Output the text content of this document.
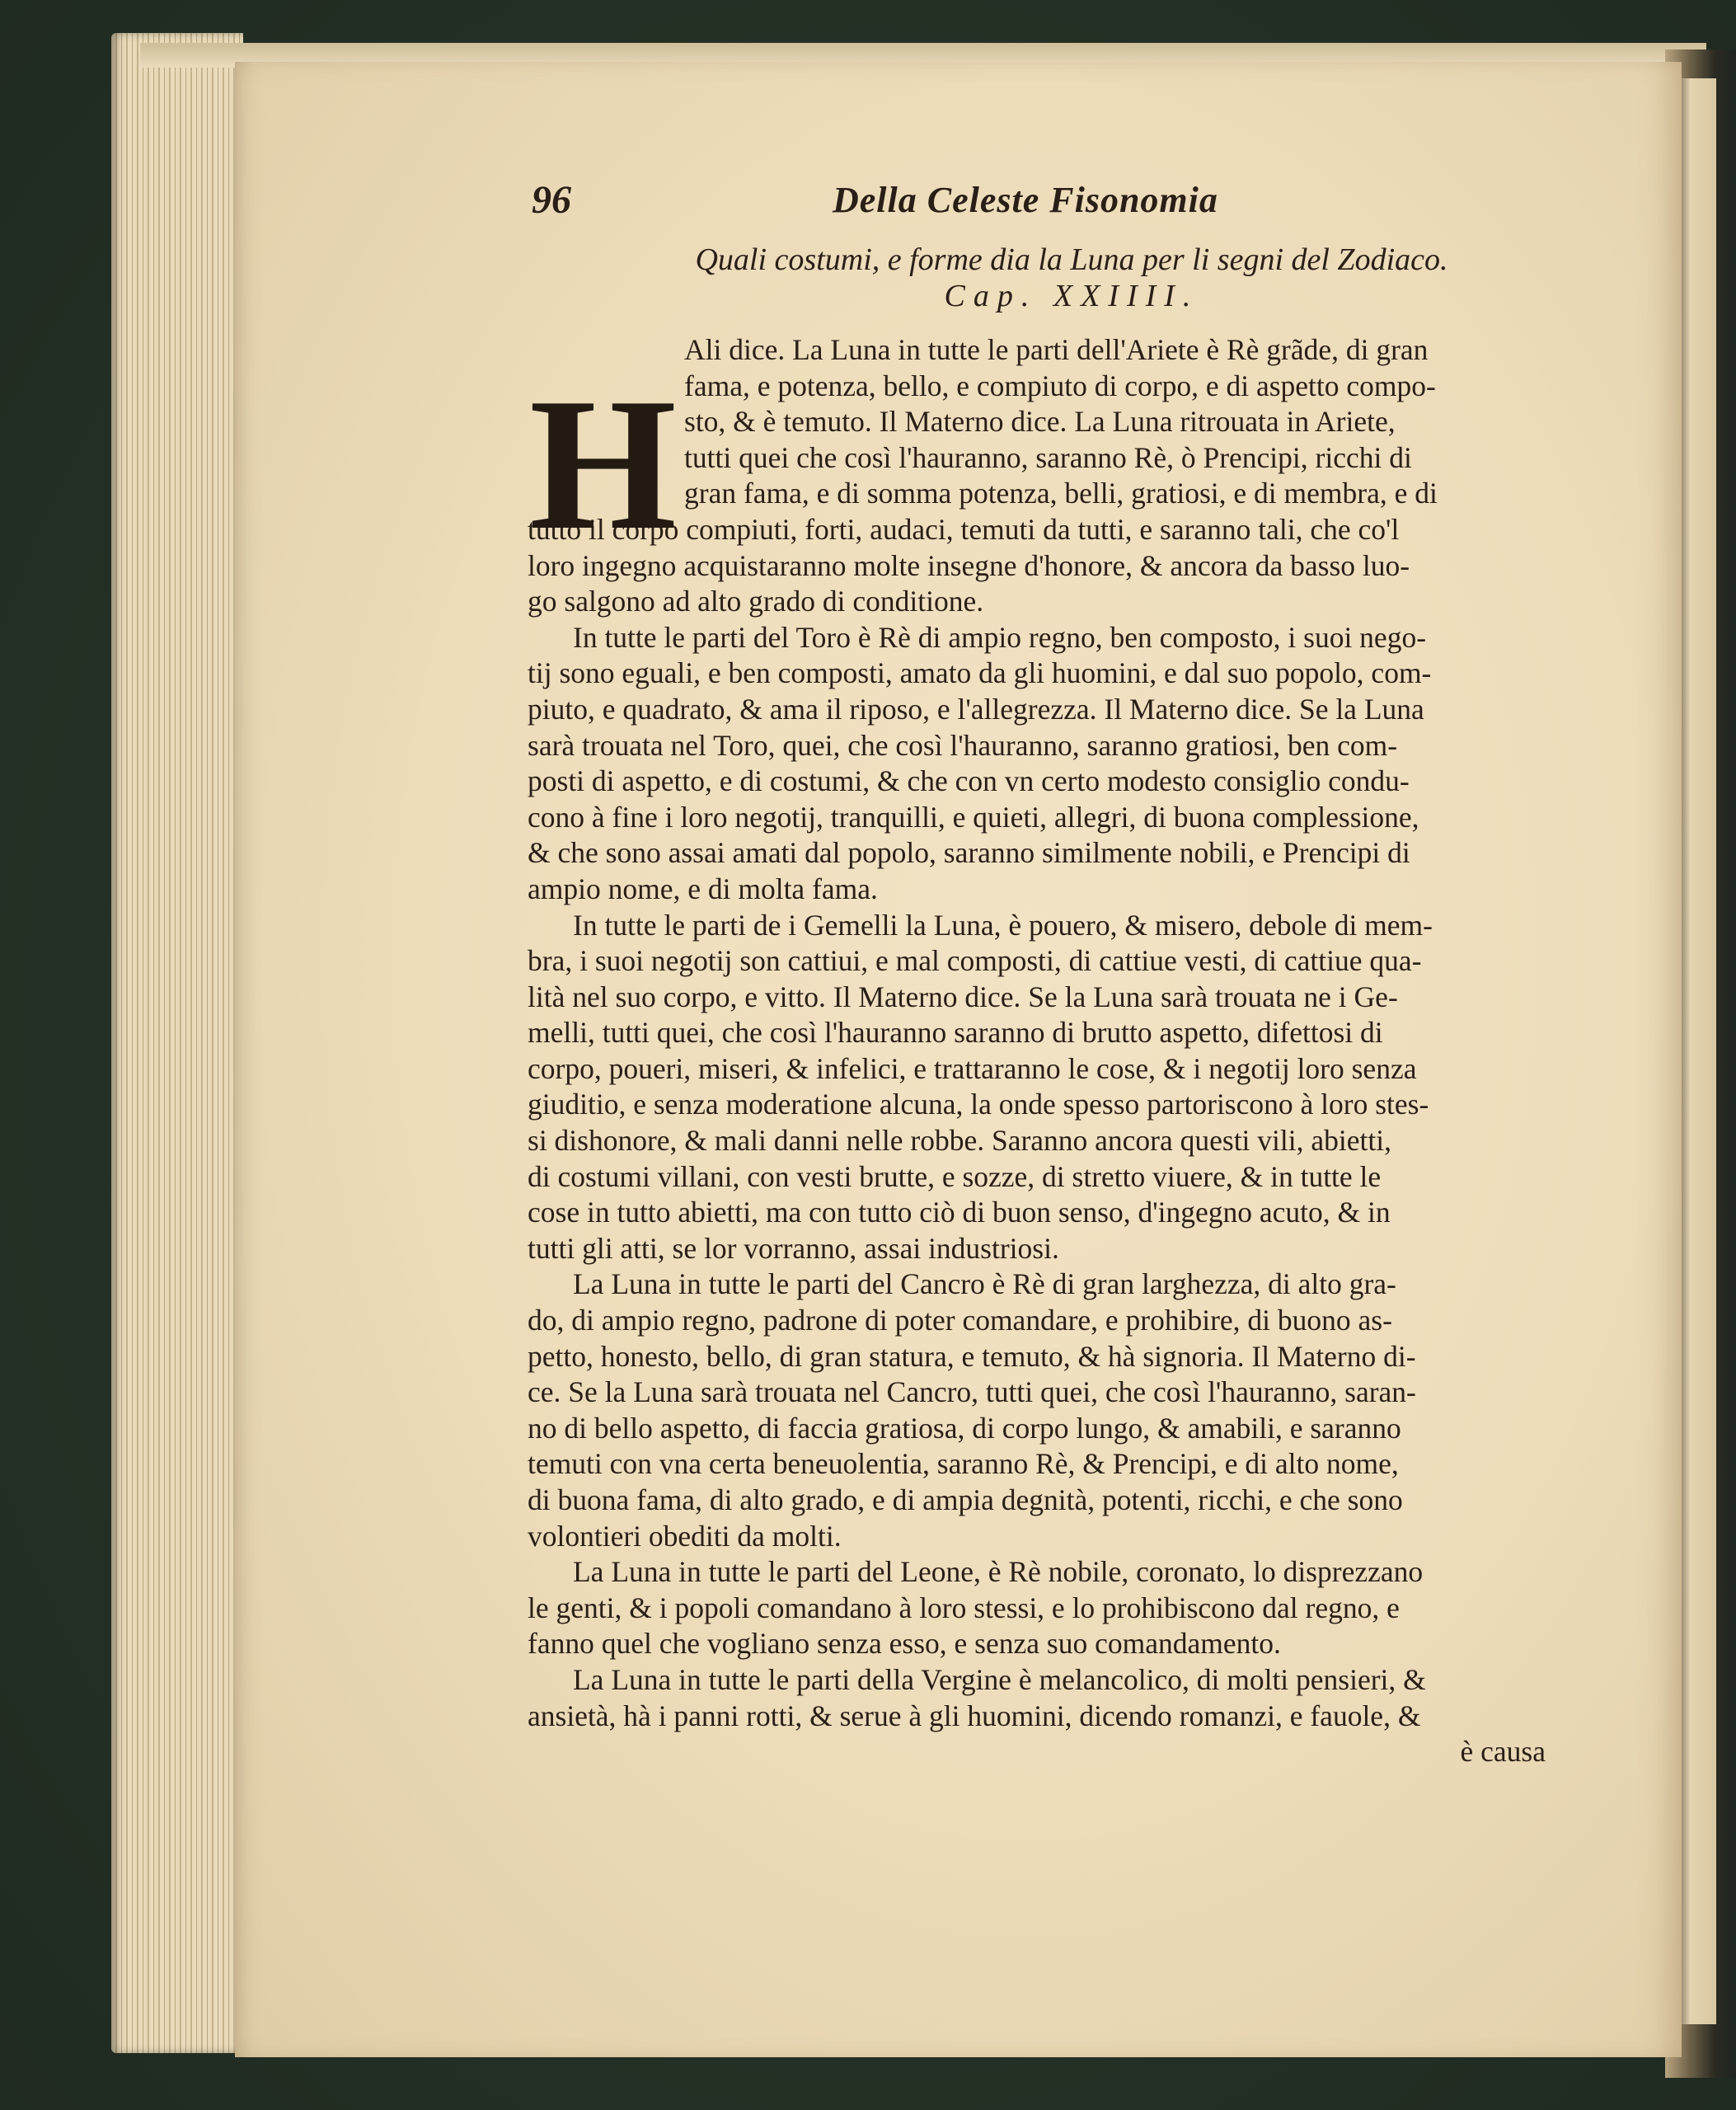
96	Della Celeste Fisonomia
Quali costumi, e forme dia la Luna per li segni del Zodiaco.
Cap. XXIIII.
H
Ali dice. La Luna in tutte le parti dell'Ariete è Rè grãde, di gran
fama, e potenza, bello, e compiuto di corpo, e di aspetto compo-
sto, & è temuto. Il Materno dice. La Luna ritrouata in Ariete,
tutti quei che così l'hauranno, saranno Rè, ò Prencipi, ricchi di
gran fama, e di somma potenza, belli, gratiosi, e di membra, e di
tutto il corpo compiuti, forti, audaci, temuti da tutti, e saranno tali, che co'l
loro ingegno acquistaranno molte insegne d'honore, & ancora da basso luo-
go salgono ad alto grado di conditione.
In tutte le parti del Toro è Rè di ampio regno, ben composto, i suoi nego-
tij sono eguali, e ben composti, amato da gli huomini, e dal suo popolo, com-
piuto, e quadrato, & ama il riposo, e l'allegrezza. Il Materno dice. Se la Luna
sarà trouata nel Toro, quei, che così l'hauranno, saranno gratiosi, ben com-
posti di aspetto, e di costumi, & che con vn certo modesto consiglio condu-
cono à fine i loro negotij, tranquilli, e quieti, allegri, di buona complessione,
& che sono assai amati dal popolo, saranno similmente nobili, e Prencipi di
ampio nome, e di molta fama.
In tutte le parti de i Gemelli la Luna, è pouero, & misero, debole di mem-
bra, i suoi negotij son cattiui, e mal composti, di cattiue vesti, di cattiue qua-
lità nel suo corpo, e vitto. Il Materno dice. Se la Luna sarà trouata ne i Ge-
melli, tutti quei, che così l'hauranno saranno di brutto aspetto, difettosi di
corpo, poueri, miseri, & infelici, e trattaranno le cose, & i negotij loro senza
giuditio, e senza moderatione alcuna, la onde spesso partoriscono à loro stes-
si dishonore, & mali danni nelle robbe. Saranno ancora questi vili, abietti,
di costumi villani, con vesti brutte, e sozze, di stretto viuere, & in tutte le
cose in tutto abietti, ma con tutto ciò di buon senso, d'ingegno acuto, & in
tutti gli atti, se lor vorranno, assai industriosi.
La Luna in tutte le parti del Cancro è Rè di gran larghezza, di alto gra-
do, di ampio regno, padrone di poter comandare, e prohibire, di buono as-
petto, honesto, bello, di gran statura, e temuto, & hà signoria. Il Materno di-
ce. Se la Luna sarà trouata nel Cancro, tutti quei, che così l'hauranno, saran-
no di bello aspetto, di faccia gratiosa, di corpo lungo, & amabili, e saranno
temuti con vna certa beneuolentia, saranno Rè, & Prencipi, e di alto nome,
di buona fama, di alto grado, e di ampia degnità, potenti, ricchi, e che sono
volontieri obediti da molti.
La Luna in tutte le parti del Leone, è Rè nobile, coronato, lo disprezzano
le genti, & i popoli comandano à loro stessi, e lo prohibiscono dal regno, e
fanno quel che vogliano senza esso, e senza suo comandamento.
La Luna in tutte le parti della Vergine è melancolico, di molti pensieri, &
ansietà, hà i panni rotti, & serue à gli huomini, dicendo romanzi, e fauole, &
è causa
